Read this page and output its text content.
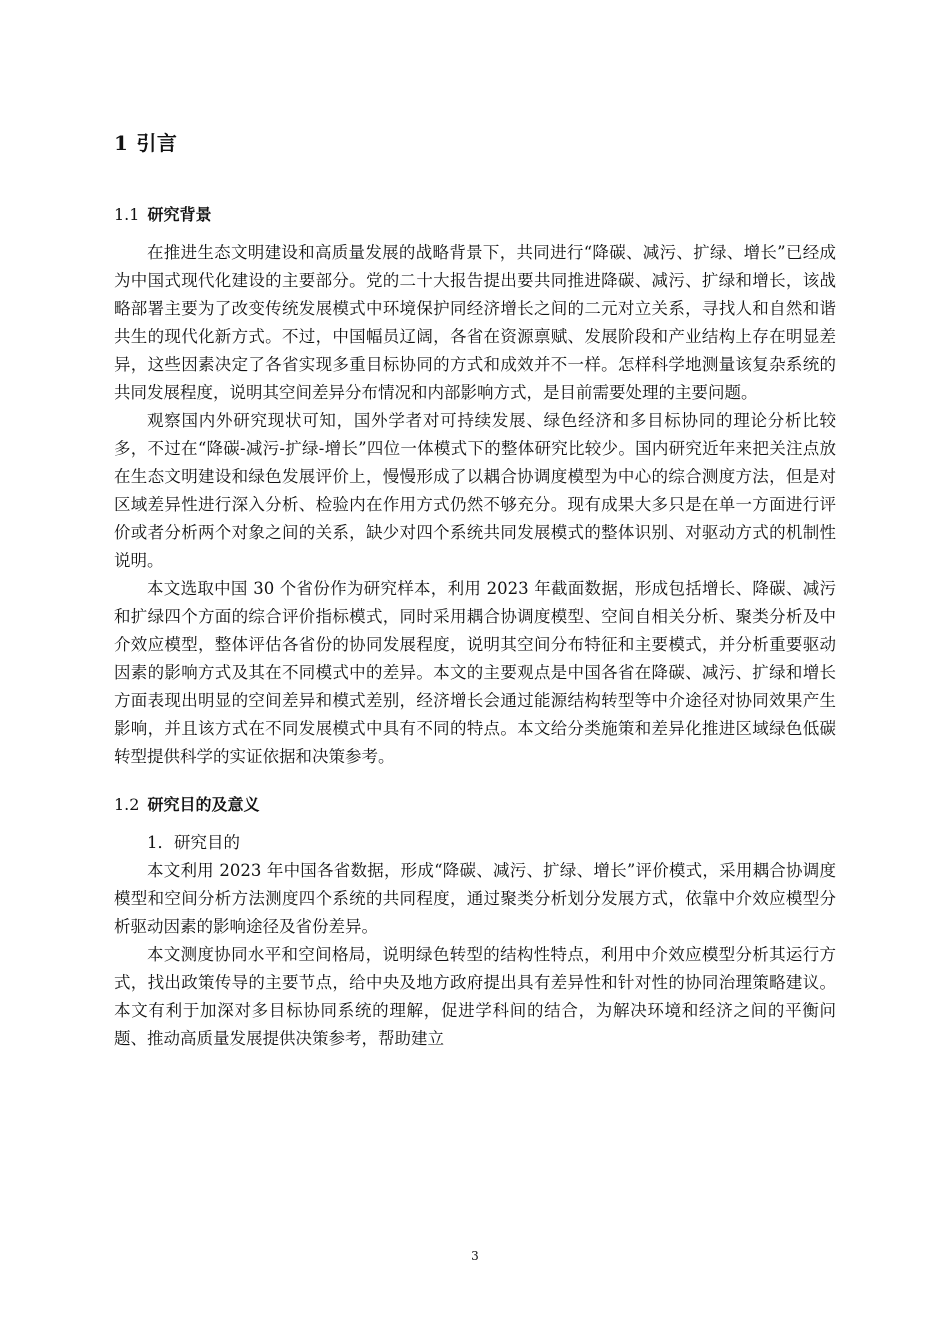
1 引言
1.1 研究背景

在推进生态文明建设和高质量发展的战略背景下，共同进行“降碳、减污、扩绿、增长”已经成为中国式现代化建设的主要部分。党的二十大报告提出要共同推进降碳、减污、扩绿和增长，该战略部署主要为了改变传统发展模式中环境保护同经济增长之间的二元对立关系，寻找人和自然和谐共生的现代化新方式。不过，中国幅员辽阔，各省在资源禀赋、发展阶段和产业结构上存在明显差异，这些因素决定了各省实现多重目标协同的方式和成效并不一样。怎样科学地测量该复杂系统的共同发展程度，说明其空间差异分布情况和内部影响方式，是目前需要处理的主要问题。

观察国内外研究现状可知，国外学者对可持续发展、绿色经济和多目标协同的理论分析比较多，不过在“降碳-减污-扩绿-增长”四位一体模式下的整体研究比较少。国内研究近年来把关注点放在生态文明建设和绿色发展评价上，慢慢形成了以耦合协调度模型为中心的综合测度方法，但是对区域差异性进行深入分析、检验内在作用方式仍然不够充分。现有成果大多只是在单一方面进行评价或者分析两个对象之间的关系，缺少对四个系统共同发展模式的整体识别、对驱动方式的机制性说明。

本文选取中国 30 个省份作为研究样本，利用 2023 年截面数据，形成包括增长、降碳、减污和扩绿四个方面的综合评价指标模式，同时采用耦合协调度模型、空间自相关分析、聚类分析及中介效应模型，整体评估各省份的协同发展程度，说明其空间分布特征和主要模式，并分析重要驱动因素的影响方式及其在不同模式中的差异。本文的主要观点是中国各省在降碳、减污、扩绿和增长方面表现出明显的空间差异和模式差别，经济增长会通过能源结构转型等中介途径对协同效果产生影响，并且该方式在不同发展模式中具有不同的特点。本文给分类施策和差异化推进区域绿色低碳转型提供科学的实证依据和决策参考。

1.2 研究目的及意义

1．研究目的

本文利用 2023 年中国各省数据，形成“降碳、减污、扩绿、增长”评价模式，采用耦合协调度模型和空间分析方法测度四个系统的共同程度，通过聚类分析划分发展方式，依靠中介效应模型分析驱动因素的影响途径及省份差异。

本文测度协同水平和空间格局，说明绿色转型的结构性特点，利用中介效应模型分析其运行方式，找出政策传导的主要节点，给中央及地方政府提出具有差异性和针对性的协同治理策略建议。本文有利于加深对多目标协同系统的理解，促进学科间的结合，为解决环境和经济之间的平衡问题、推动高质量发展提供决策参考，帮助建立

3
